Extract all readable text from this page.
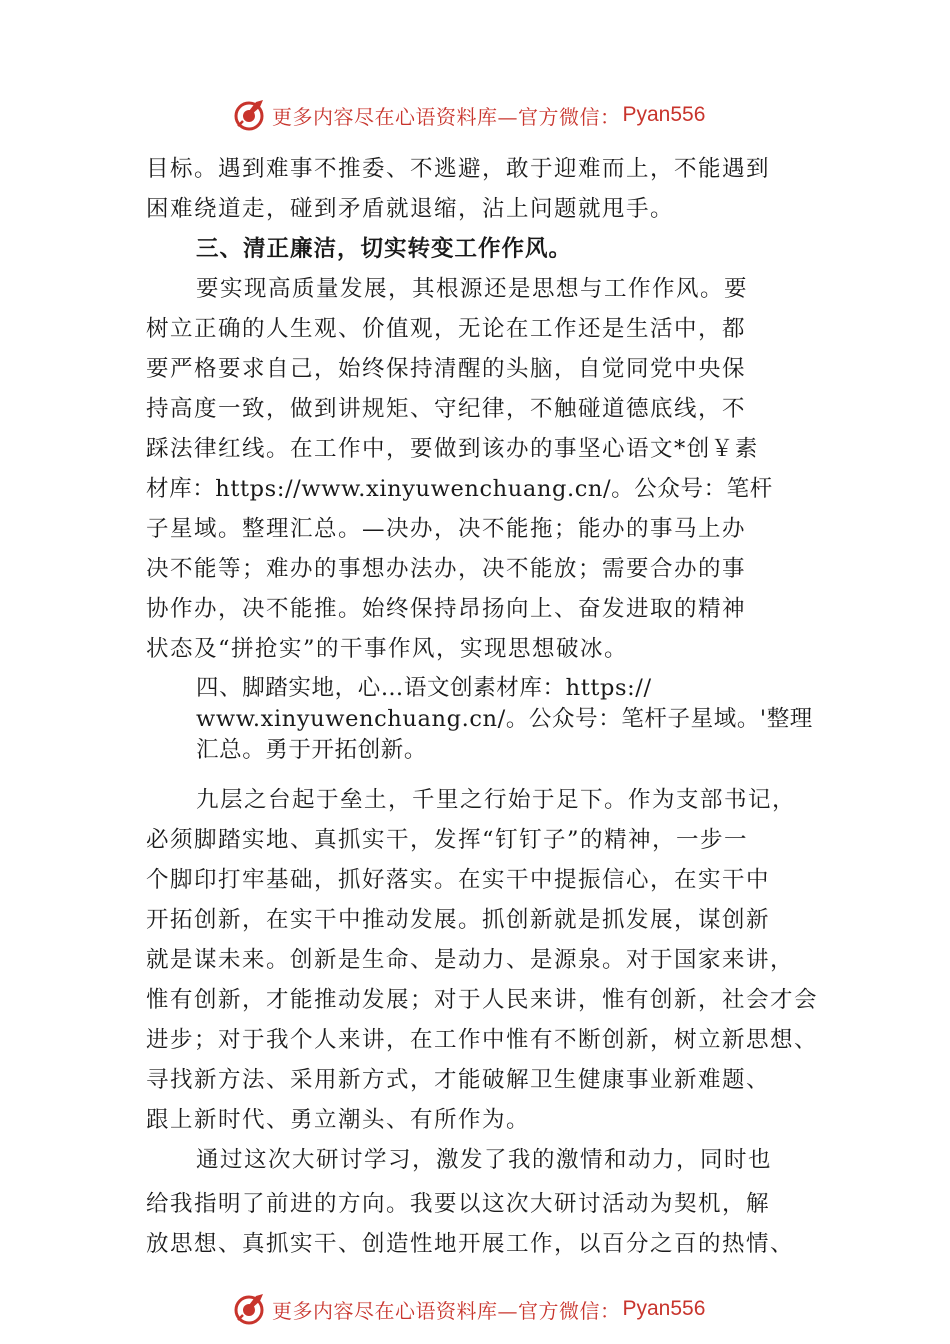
更多内容尽在心语资料库—官方微信： Pyan556
目标。遇到难事不推委、不逃避，敢于迎难而上，不能遇到
困难绕道走，碰到矛盾就退缩，沾上问题就甩手。
三、清正廉洁，切实转变工作作风。
要实现高质量发展，其根源还是思想与工作作风。要
树立正确的人生观、价值观，无论在工作还是生活中，都
要严格要求自己，始终保持清醒的头脑，自觉同党中央保
持高度一致，做到讲规矩、守纪律，不触碰道德底线，不
踩法律红线。在工作中，要做到该办的事坚心语文*创￥素
材库：https://www.xinyuwenchuang.cn/。公众号：笔杆
子星域。整理汇总。—决办，决不能拖；能办的事马上办
决不能等；难办的事想办法办，决不能放；需要合办的事
协作办，决不能推。始终保持昂扬向上、奋发进取的精神
状态及“拼抢实”的干事作风，实现思想破冰。
四、脚踏实地，心…语文创素材库：https://
www.xinyuwenchuang.cn/。公众号：笔杆子星域。'整理
汇总。勇于开拓创新。
九层之台起于垒土，千里之行始于足下。作为支部书记，
必须脚踏实地、真抓实干，发挥“钉钉子”的精神，一步一
个脚印打牢基础，抓好落实。在实干中提振信心，在实干中
开拓创新，在实干中推动发展。抓创新就是抓发展，谋创新
就是谋未来。创新是生命、是动力、是源泉。对于国家来讲，
惟有创新，才能推动发展；对于人民来讲，惟有创新，社会才会
进步；对于我个人来讲，在工作中惟有不断创新，树立新思想、
寻找新方法、采用新方式，才能破解卫生健康事业新难题、
跟上新时代、勇立潮头、有所作为。
通过这次大研讨学习，激发了我的激情和动力，同时也
给我指明了前进的方向。我要以这次大研讨活动为契机，解
放思想、真抓实干、创造性地开展工作，以百分之百的热情、
更多内容尽在心语资料库—官方微信： Pyan556
